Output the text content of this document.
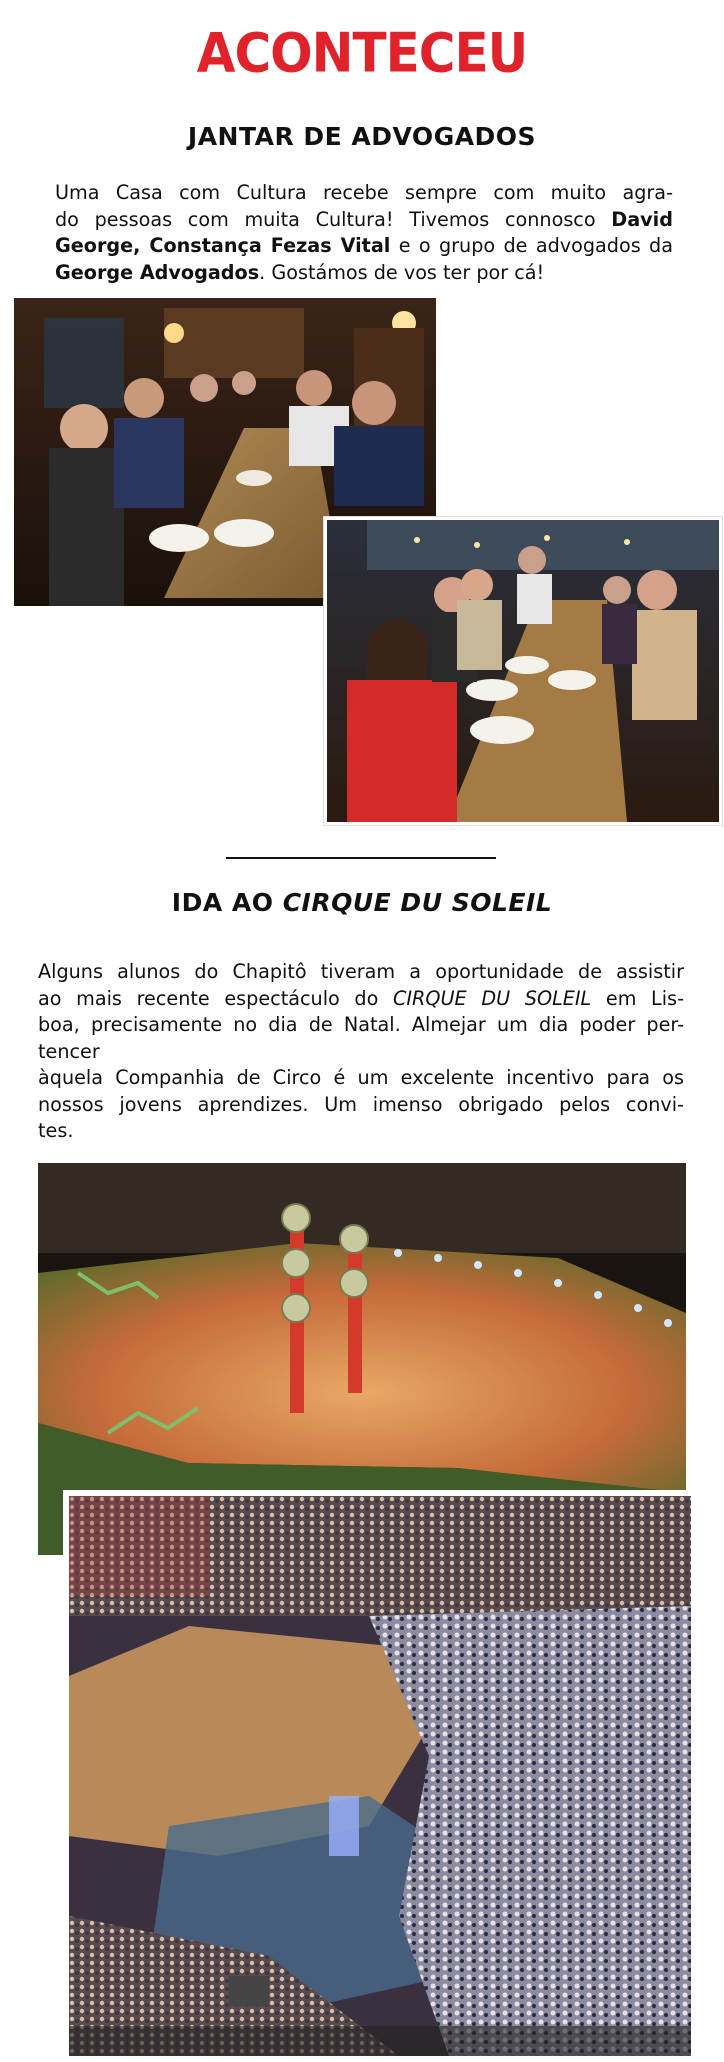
ACONTECEU
JANTAR DE ADVOGADOS

Uma Casa com Cultura recebe sempre com muito agra-
do pessoas com muita Cultura! Tivemos connosco David
George, Constança Fezas Vital e o grupo de advogados da
George Advogados. Gostámos de vos ter por cá!

IDA AO CIRQUE DU SOLEIL

Alguns alunos do Chapitô tiveram a oportunidade de assistir
ao mais recente espectáculo do CIRQUE DU SOLEIL em Lis-
boa, precisamente no dia de Natal. Almejar um dia poder per-
tencer
àquela Companhia de Circo é um excelente incentivo para os
nossos jovens aprendizes. Um imenso obrigado pelos convi-
tes.
